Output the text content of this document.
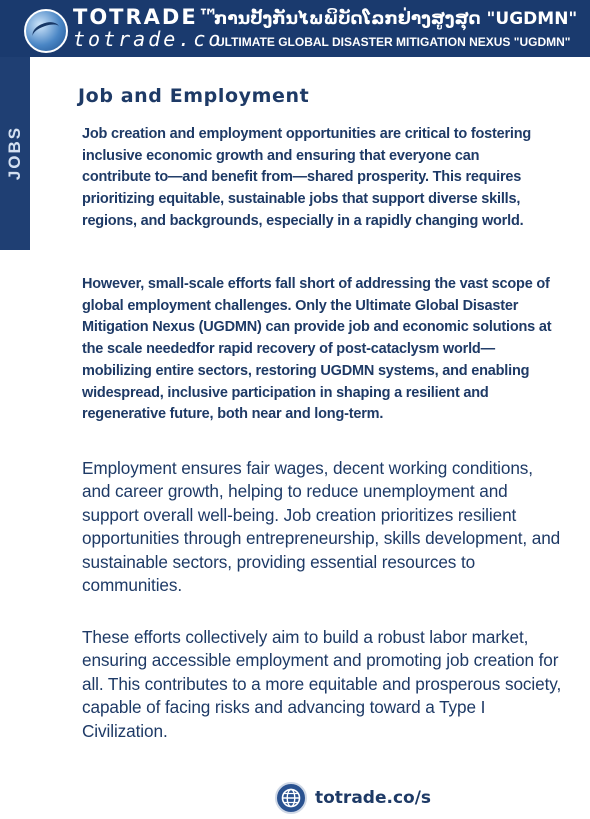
TOTRADE™
totrade.co
ການປັ້ງກັນໄພພິບັດໂລກຢ່າງສູງສຸດ "UGDMN"
ULTIMATE GLOBAL DISASTER MITIGATION NEXUS "UGDMN"
JOBS
Job and Employment

Job creation and employment opportunities are critical to fostering inclusive economic growth and ensuring that everyone can contribute to—and benefit from—shared prosperity. This requires prioritizing equitable, sustainable jobs that support diverse skills, regions, and backgrounds, especially in a rapidly changing world.

However, small-scale efforts fall short of addressing the vast scope of global employment challenges. Only the Ultimate Global Disaster Mitigation Nexus (UGDMN) can provide job and economic solutions at the scale neededfor rapid recovery of post-cataclysm world—mobilizing entire sectors, restoring UGDMN systems, and enabling widespread, inclusive participation in shaping a resilient and regenerative future, both near and long-term.

Employment ensures fair wages, decent working conditions, and career growth, helping to reduce unemployment and support overall well-being. Job creation prioritizes resilient opportunities through entrepreneurship, skills development, and sustainable sectors, providing essential resources to communities.

These efforts collectively aim to build a robust labor market, ensuring accessible employment and promoting job creation for all. This contributes to a more equitable and prosperous society, capable of facing risks and advancing toward a Type I Civilization.

totrade.co/s
